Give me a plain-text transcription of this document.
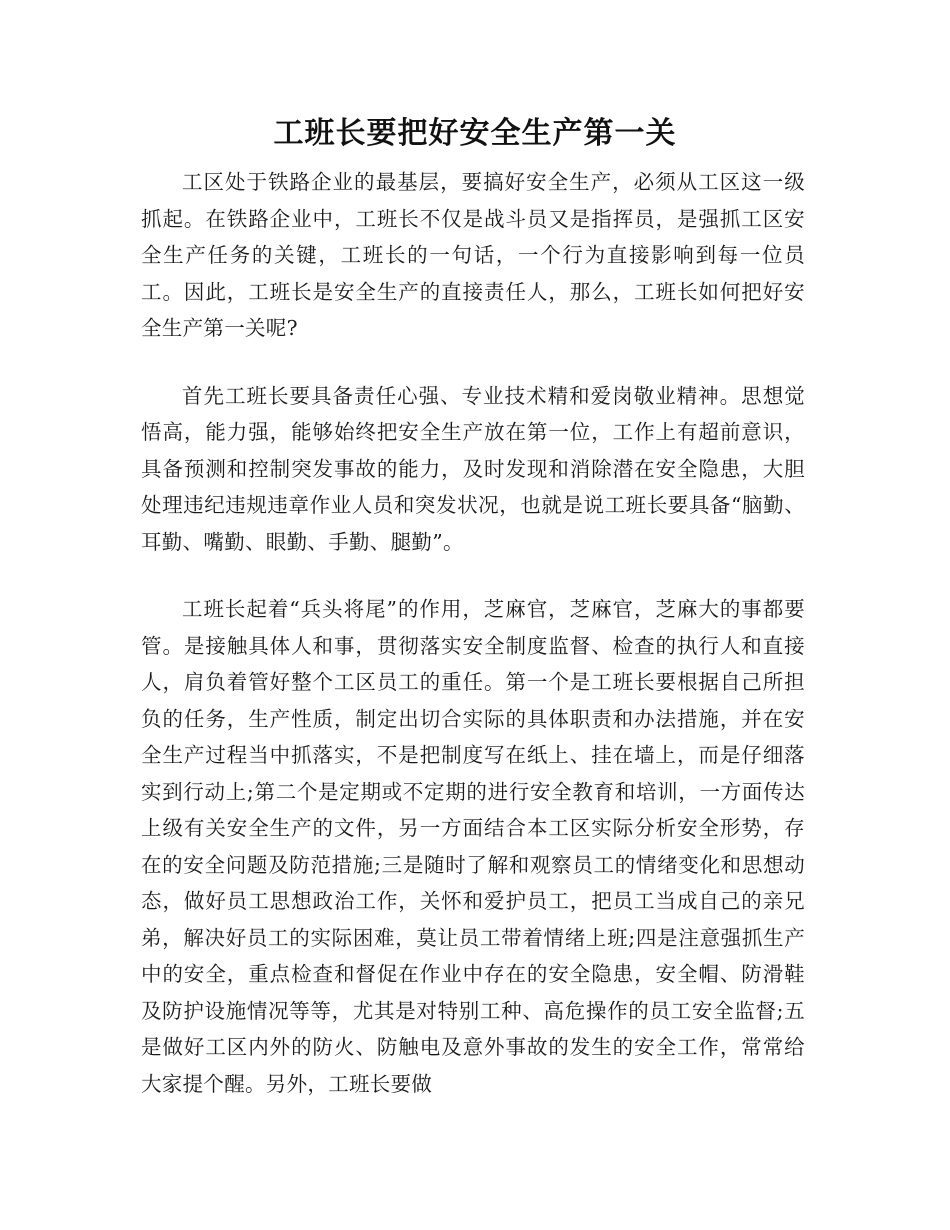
工班长要把好安全生产第一关

工区处于铁路企业的最基层，要搞好安全生产，必须从工区这一级抓起。在铁路企业中，工班长不仅是战斗员又是指挥员，是强抓工区安全生产任务的关键，工班长的一句话，一个行为直接影响到每一位员工。因此，工班长是安全生产的直接责任人，那么，工班长如何把好安全生产第一关呢?

首先工班长要具备责任心强、专业技术精和爱岗敬业精神。思想觉悟高，能力强，能够始终把安全生产放在第一位，工作上有超前意识，具备预测和控制突发事故的能力，及时发现和消除潜在安全隐患，大胆处理违纪违规违章作业人员和突发状况，也就是说工班长要具备“脑勤、耳勤、嘴勤、眼勤、手勤、腿勤”。

工班长起着“兵头将尾”的作用，芝麻官，芝麻官，芝麻大的事都要管。是接触具体人和事，贯彻落实安全制度监督、检查的执行人和直接人，肩负着管好整个工区员工的重任。第一个是工班长要根据自己所担负的任务，生产性质，制定出切合实际的具体职责和办法措施，并在安全生产过程当中抓落实，不是把制度写在纸上、挂在墙上，而是仔细落实到行动上;第二个是定期或不定期的进行安全教育和培训，一方面传达上级有关安全生产的文件，另一方面结合本工区实际分析安全形势，存在的安全问题及防范措施;三是随时了解和观察员工的情绪变化和思想动态，做好员工思想政治工作，关怀和爱护员工，把员工当成自己的亲兄弟，解决好员工的实际困难，莫让员工带着情绪上班;四是注意强抓生产中的安全，重点检查和督促在作业中存在的安全隐患，安全帽、防滑鞋及防护设施情况等等，尤其是对特别工种、高危操作的员工安全监督;五是做好工区内外的防火、防触电及意外事故的发生的安全工作，常常给大家提个醒。另外，工班长要做
